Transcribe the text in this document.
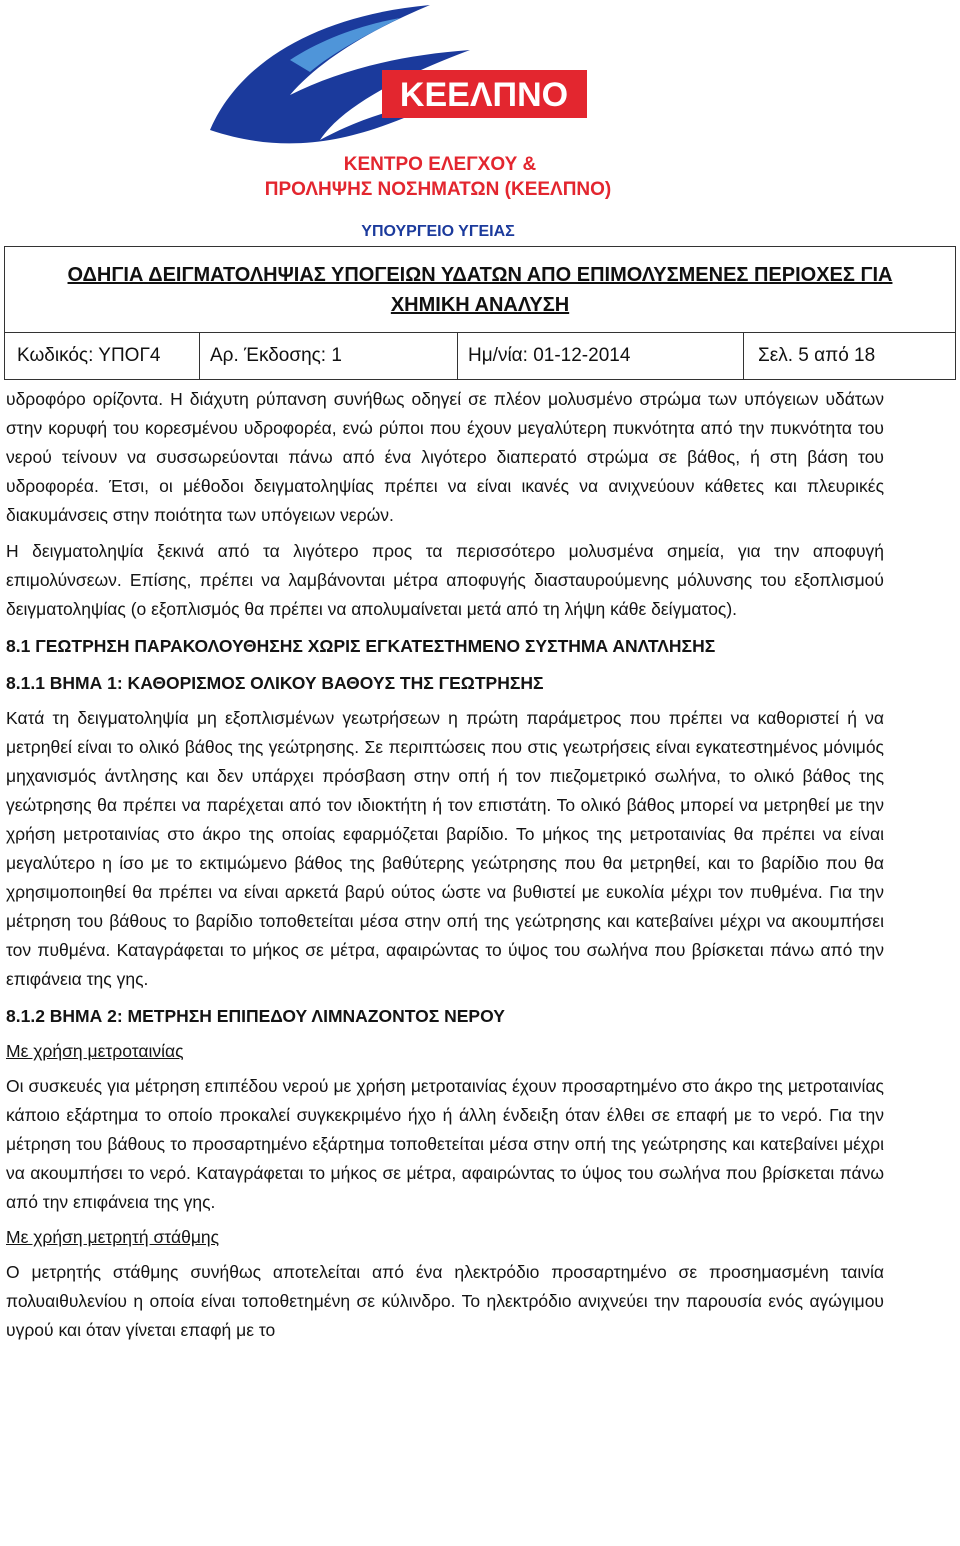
ΚΕΕΛΠΝΟ
ΚΕΝΤΡΟ ΕΛΕΓΧΟΥ &
ΠΡΟΛΗΨΗΣ ΝΟΣΗΜΑΤΩΝ (ΚΕΕΛΠΝΟ)
ΥΠΟΥΡΓΕΙΟ ΥΓΕΙΑΣ
ΟΔΗΓΙΑ ΔΕΙΓΜΑΤΟΛΗΨΙΑΣ ΥΠΟΓΕΙΩΝ ΥΔΑΤΩΝ ΑΠΟ ΕΠΙΜΟΛΥΣΜΕΝΕΣ ΠΕΡΙΟΧΕΣ ΓΙΑ
ΧΗΜΙΚΗ ΑΝΑΛΥΣΗ
Κωδικός: ΥΠΟΓ4	Αρ. Έκδοσης: 1	Ημ/νία: 01-12-2014	Σελ. 5 από 18

υδροφόρο ορίζοντα. Η διάχυτη ρύπανση συνήθως οδηγεί σε πλέον μολυσμένο στρώμα των υπόγειων υδάτων στην κορυφή του κορεσμένου υδροφορέα, ενώ ρύποι που έχουν μεγαλύτερη πυκνότητα από την πυκνότητα του νερού τείνουν να συσσωρεύονται πάνω από ένα λιγότερο διαπερατό στρώμα σε βάθος, ή στη βάση του υδροφορέα. Έτσι, οι μέθοδοι δειγματοληψίας πρέπει να είναι ικανές να ανιχνεύουν κάθετες και πλευρικές διακυμάνσεις στην ποιότητα των υπόγειων νερών.

Η δειγματοληψία ξεκινά από τα λιγότερο προς τα περισσότερο μολυσμένα σημεία, για την αποφυγή επιμολύνσεων. Επίσης, πρέπει να λαμβάνονται μέτρα αποφυγής διασταυρούμενης μόλυνσης του εξοπλισμού δειγματοληψίας (ο εξοπλισμός θα πρέπει να απολυμαίνεται μετά από τη λήψη κάθε δείγματος).

8.1 ΓΕΩΤΡΗΣΗ ΠΑΡΑΚΟΛΟΥΘΗΣΗΣ ΧΩΡΙΣ ΕΓΚΑΤΕΣΤΗΜΕΝΟ ΣΥΣΤΗΜΑ ΑΝΛΤΛΗΣΗΣ

8.1.1 ΒΗΜΑ 1: ΚΑΘΟΡΙΣΜΟΣ ΟΛΙΚΟΥ ΒΑΘΟΥΣ ΤΗΣ ΓΕΩΤΡΗΣΗΣ

Κατά τη δειγματοληψία μη εξοπλισμένων γεωτρήσεων η πρώτη παράμετρος που πρέπει να καθοριστεί ή να μετρηθεί είναι το ολικό βάθος της γεώτρησης. Σε περιπτώσεις που στις γεωτρήσεις είναι εγκατεστημένος μόνιμός μηχανισμός άντλησης και δεν υπάρχει πρόσβαση στην οπή ή τον πιεζομετρικό σωλήνα, το ολικό βάθος της γεώτρησης θα πρέπει να παρέχεται από τον ιδιοκτήτη ή τον επιστάτη. Το ολικό βάθος μπορεί να μετρηθεί με την χρήση μετροταινίας στο άκρο της οποίας εφαρμόζεται βαρίδιο. Το μήκος της μετροταινίας θα πρέπει να είναι μεγαλύτερο η ίσο με το εκτιμώμενο βάθος της βαθύτερης γεώτρησης που θα μετρηθεί, και το βαρίδιο που θα χρησιμοποιηθεί θα πρέπει να είναι αρκετά βαρύ ούτος ώστε να βυθιστεί με ευκολία μέχρι τον πυθμένα. Για την μέτρηση του βάθους το βαρίδιο τοποθετείται μέσα στην οπή της γεώτρησης και κατεβαίνει μέχρι να ακουμπήσει τον πυθμένα. Καταγράφεται το μήκος σε μέτρα, αφαιρώντας το ύψος του σωλήνα που βρίσκεται πάνω από την επιφάνεια της γης.

8.1.2 ΒΗΜΑ 2: ΜΕΤΡΗΣΗ ΕΠΙΠΕΔΟΥ ΛΙΜΝΑΖΟΝΤΟΣ ΝΕΡΟΥ

Με χρήση μετροταινίας

Οι συσκευές για μέτρηση επιπέδου νερού με χρήση μετροταινίας έχουν προσαρτημένο στο άκρο της μετροταινίας κάποιο εξάρτημα το οποίο προκαλεί συγκεκριμένο ήχο ή άλλη ένδειξη όταν έλθει σε επαφή με το νερό. Για την μέτρηση του βάθους το προσαρτημένο εξάρτημα τοποθετείται μέσα στην οπή της γεώτρησης και κατεβαίνει μέχρι να ακουμπήσει το νερό. Καταγράφεται το μήκος σε μέτρα, αφαιρώντας το ύψος του σωλήνα που βρίσκεται πάνω από την επιφάνεια της γης.

Με χρήση μετρητή στάθμης

Ο μετρητής στάθμης συνήθως αποτελείται από ένα ηλεκτρόδιο προσαρτημένο σε προσημασμένη ταινία πολυαιθυλενίου η οποία είναι τοποθετημένη σε κύλινδρο. Το ηλεκτρόδιο ανιχνεύει την παρουσία ενός αγώγιμου υγρού και όταν γίνεται επαφή με το
